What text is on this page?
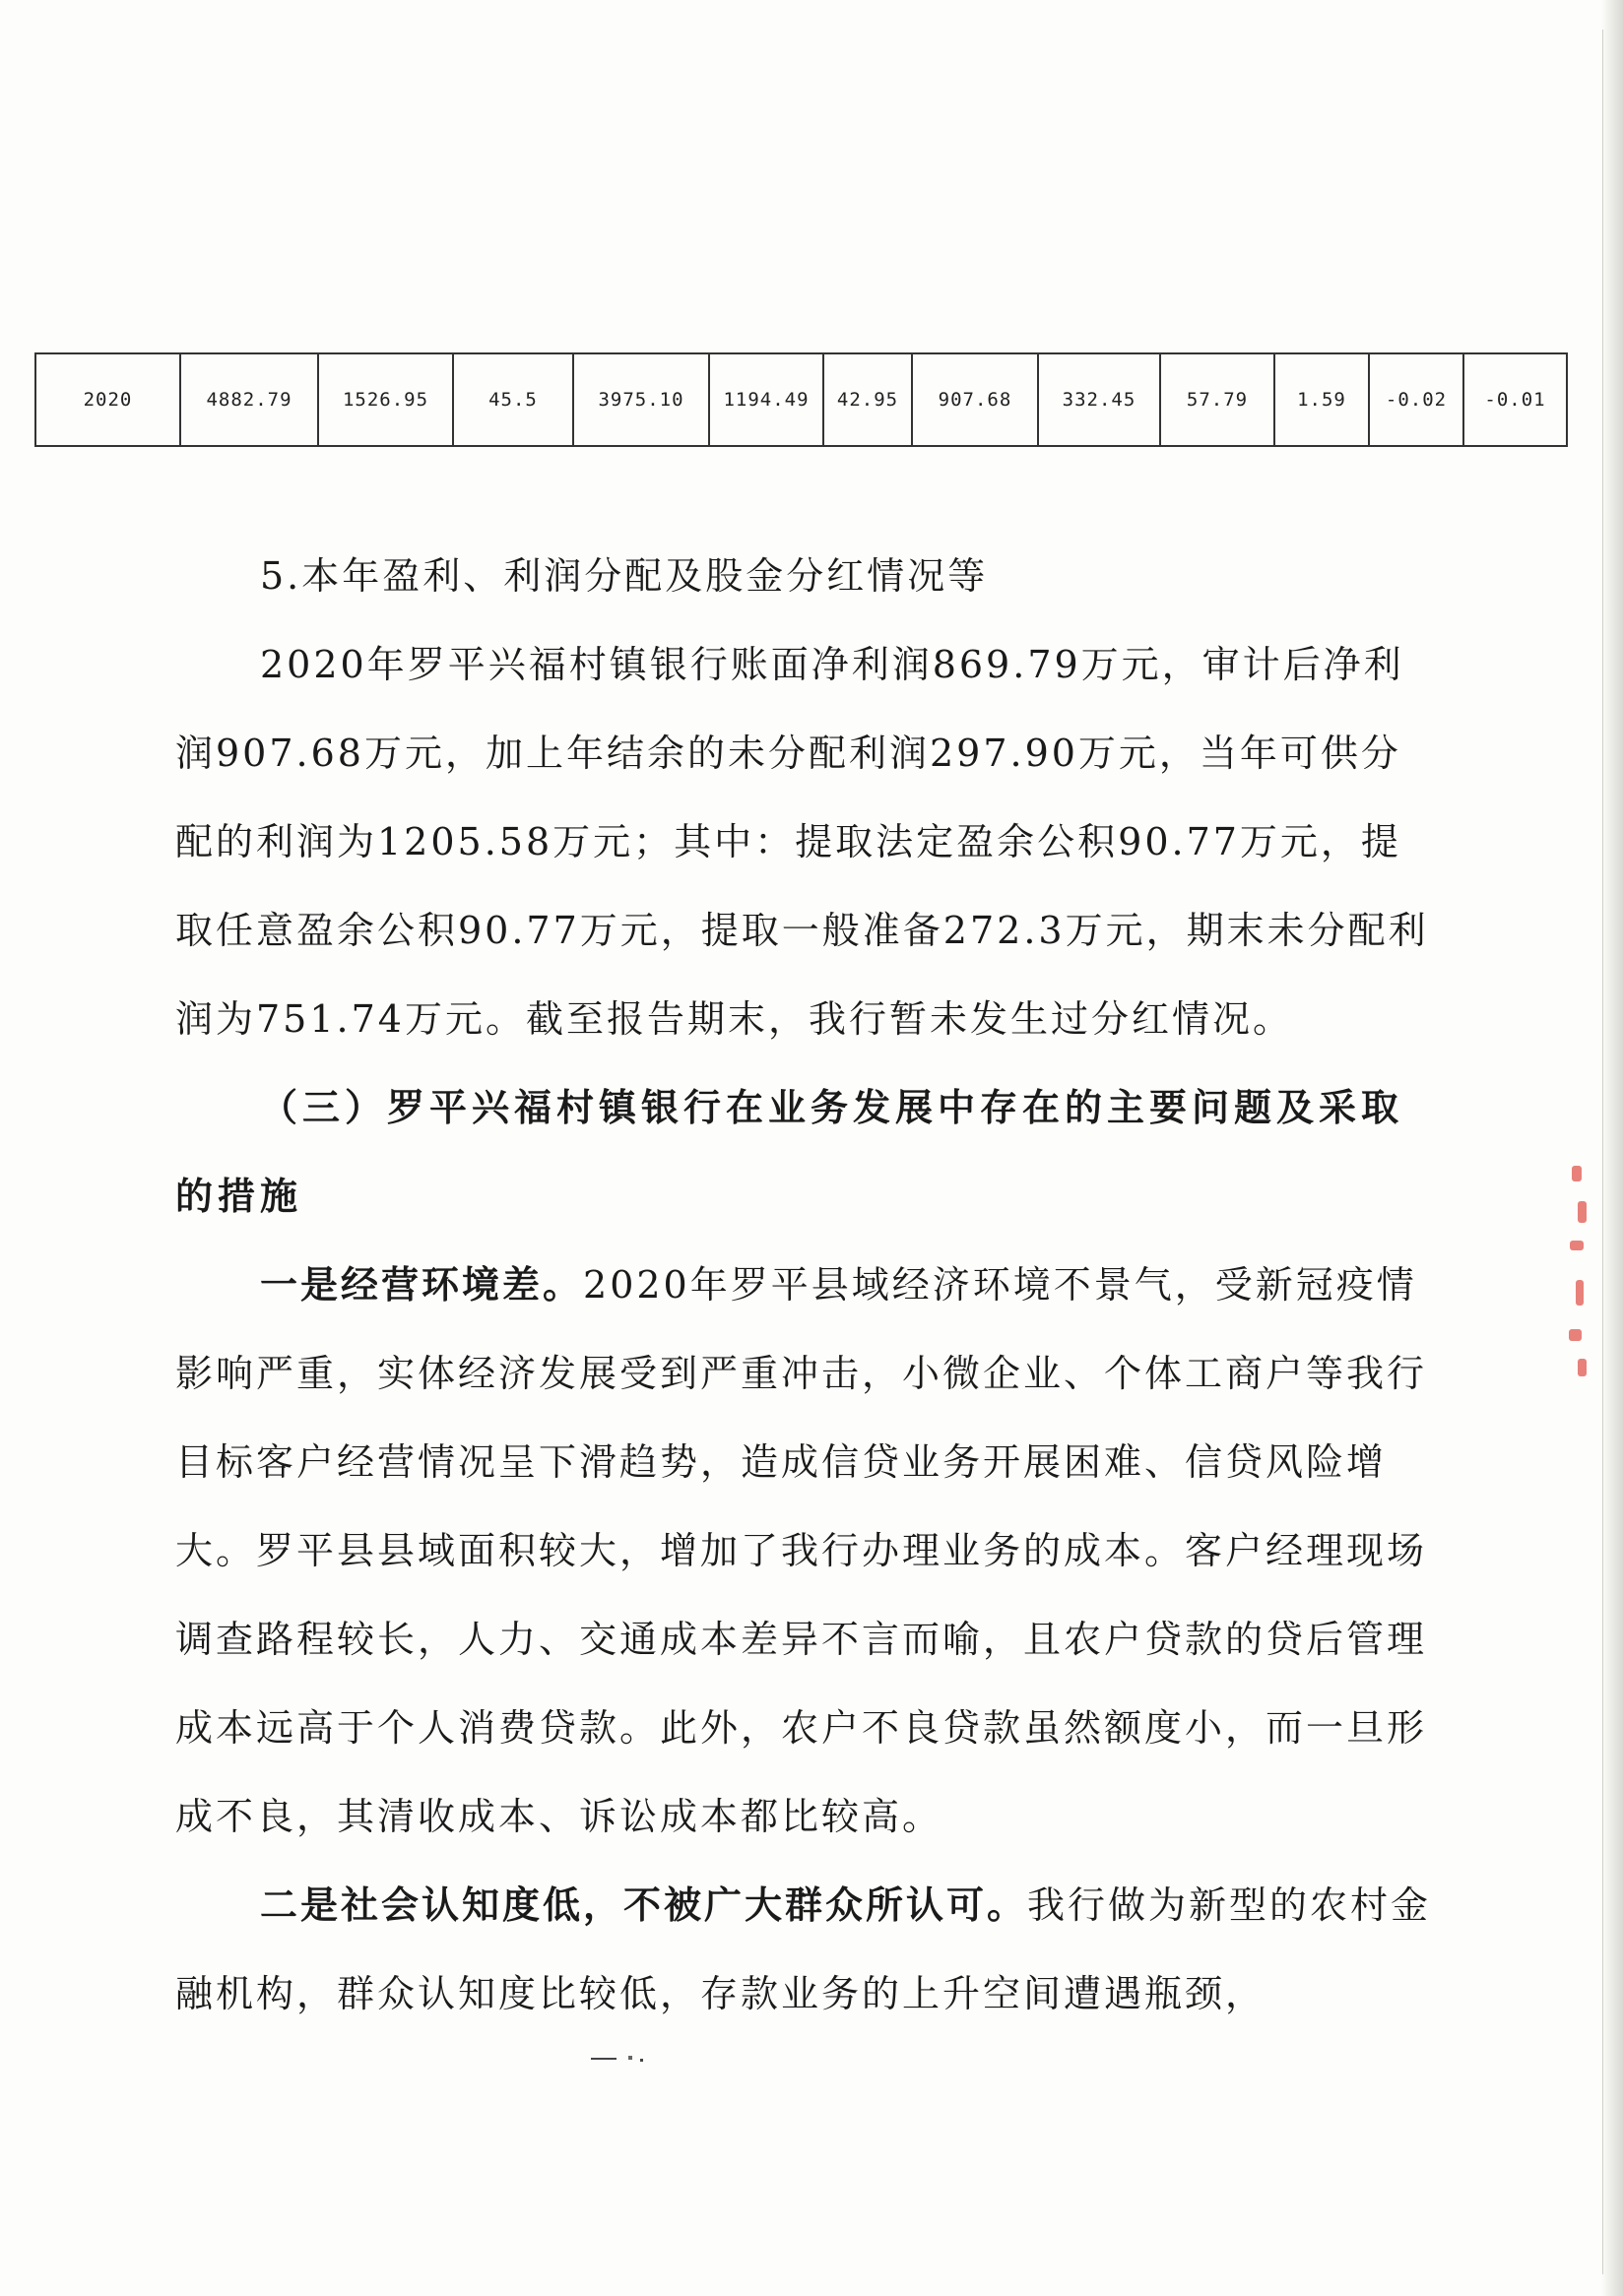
2020	4882.79	1526.95	45.5	3975.10	1194.49	42.95	907.68	332.45	57.79	1.59	-0.02	-0.01

5.本年盈利、利润分配及股金分红情况等

2020年罗平兴福村镇银行账面净利润869.79万元，审计后净利润907.68万元，加上年结余的未分配利润297.90万元，当年可供分配的利润为1205.58万元；其中：提取法定盈余公积90.77万元，提取任意盈余公积90.77万元，提取一般准备272.3万元，期末未分配利润为751.74万元。截至报告期末，我行暂未发生过分红情况。

（三）罗平兴福村镇银行在业务发展中存在的主要问题及采取的措施

一是经营环境差。2020年罗平县域经济环境不景气，受新冠疫情影响严重，实体经济发展受到严重冲击，小微企业、个体工商户等我行目标客户经营情况呈下滑趋势，造成信贷业务开展困难、信贷风险增大。罗平县县域面积较大，增加了我行办理业务的成本。客户经理现场调查路程较长，人力、交通成本差异不言而喻，且农户贷款的贷后管理成本远高于个人消费贷款。此外，农户不良贷款虽然额度小，而一旦形成不良，其清收成本、诉讼成本都比较高。

二是社会认知度低，不被广大群众所认可。我行做为新型的农村金融机构，群众认知度比较低，存款业务的上升空间遭遇瓶颈，
